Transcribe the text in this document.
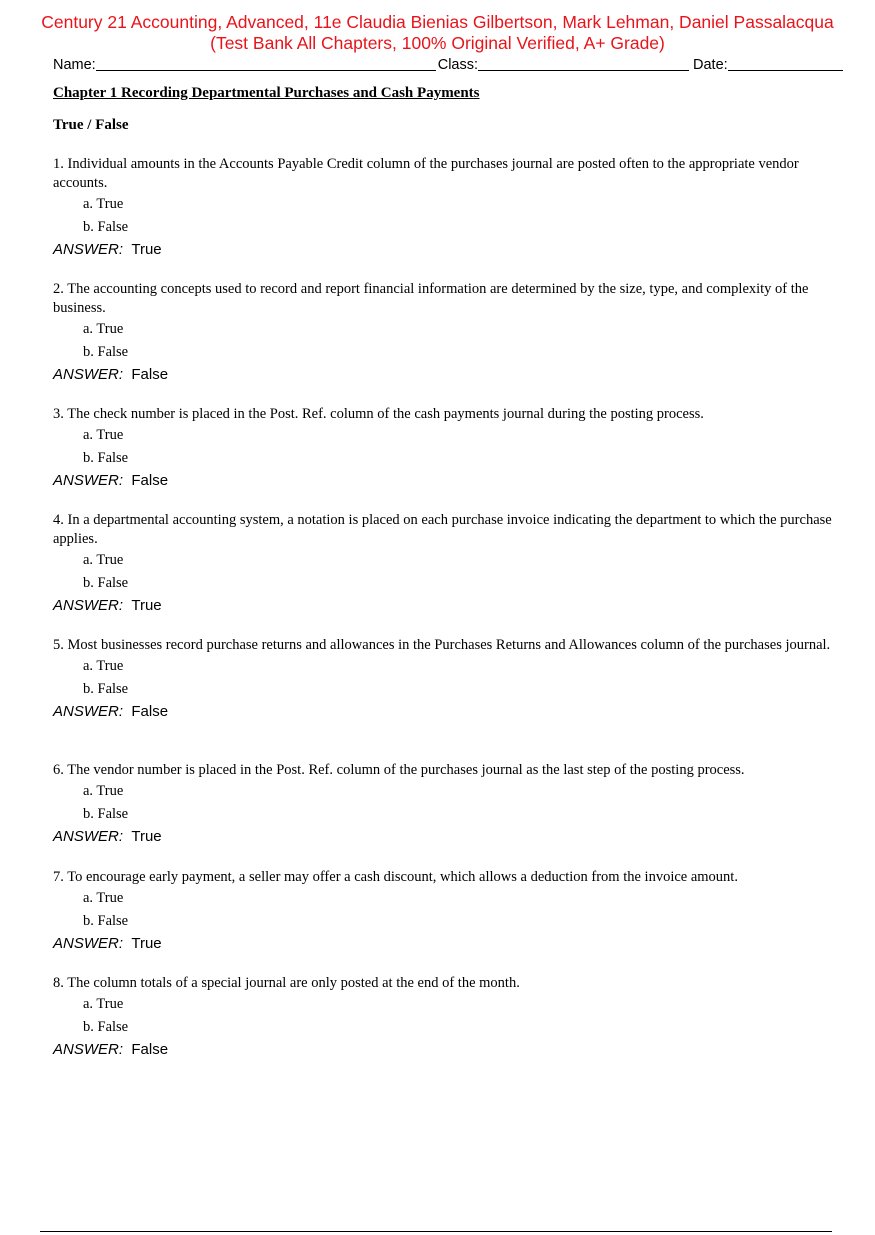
Century 21 Accounting, Advanced, 11e Claudia Bienias Gilbertson, Mark Lehman, Daniel Passalacqua
(Test Bank All Chapters, 100% Original Verified, A+ Grade)
Name:	Class:	Date:
Chapter 1 Recording Departmental Purchases and Cash Payments
True / False
1. Individual amounts in the Accounts Payable Credit column of the purchases journal are posted often to the appropriate vendor accounts.
a. True
b. False
ANSWER: True
2. The accounting concepts used to record and report financial information are determined by the size, type, and complexity of the business.
a. True
b. False
ANSWER: False
3. The check number is placed in the Post. Ref. column of the cash payments journal during the posting process.
a. True
b. False
ANSWER: False
4. In a departmental accounting system, a notation is placed on each purchase invoice indicating the department to which the purchase applies.
a. True
b. False
ANSWER: True
5. Most businesses record purchase returns and allowances in the Purchases Returns and Allowances column of the purchases journal.
a. True
b. False
ANSWER: False
6. The vendor number is placed in the Post. Ref. column of the purchases journal as the last step of the posting process.
a. True
b. False
ANSWER: True
7. To encourage early payment, a seller may offer a cash discount, which allows a deduction from the invoice amount.
a. True
b. False
ANSWER: True
8. The column totals of a special journal are only posted at the end of the month.
a. True
b. False
ANSWER: False
